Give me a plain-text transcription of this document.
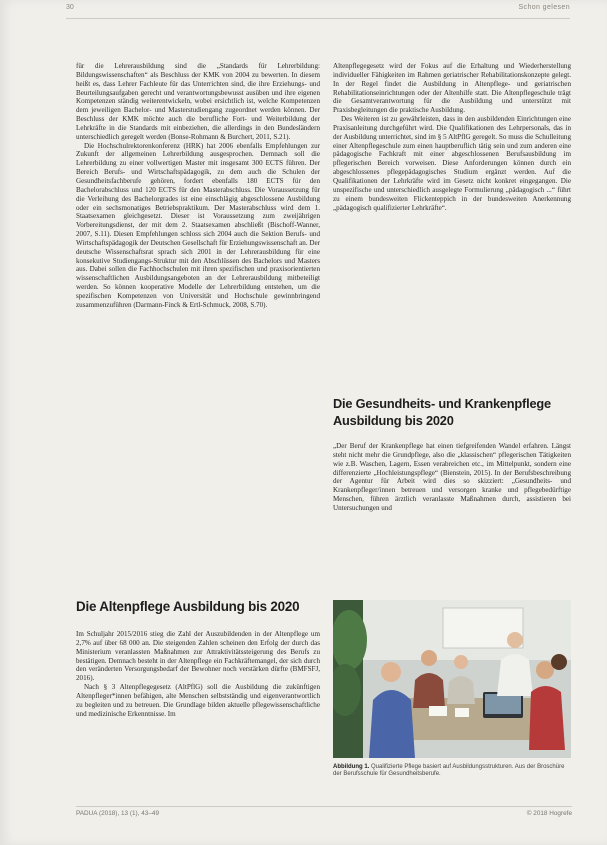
30	Schon gelesen

für die Lehrerausbildung sind die „Standards für Lehrerbildung: Bildungswissenschaften“ als Beschluss der KMK von 2004 zu bewerten. In diesem heißt es, dass Lehrer Fachleute für das Unterrichten sind, die ihre Erziehungs- und Beurteilungsaufgaben gerecht und verantwortungsbewusst ausüben und ihre eigenen Kompetenzen ständig weiterentwickeln, wobei ersichtlich ist, welche Kompetenzen dem jeweiligen Bachelor- und Masterstudiengang zugeordnet werden können. Der Beschluss der KMK möchte auch die berufliche Fort- und Weiterbildung der Lehrkräfte in die Standards mit einbeziehen, die allerdings in den Bundesländern unterschiedlich geregelt werden (Bonse-Rohmann & Burchert, 2011, S.21).

Die Hochschulrektorenkonferenz (HRK) hat 2006 ebenfalls Empfehlungen zur Zukunft der allgemeinen Lehrerbildung ausgesprochen. Demnach soll die Lehrerbildung zu einer vollwertigen Master mit insgesamt 300 ECTS führen. Der Bereich Berufs- und Wirtschaftspädagogik, zu dem auch die Schulen der Gesundheitsfachberufe gehören, fordert ebenfalls 180 ECTS für den Bachelorabschluss und 120 ECTS für den Masterabschluss. Die Voraussetzung für die Verleihung des Bachelorgrades ist eine einschlägig abgeschlossene Ausbildung oder ein sechsmonatiges Betriebspraktikum. Der Masterabschluss wird dem 1. Staatsexamen gleichgesetzt. Dieser ist Voraussetzung zum zweijährigen Vorbereitungsdienst, der mit dem 2. Staatsexamen abschließt (Bischoff-Wanner, 2007, S.11). Diesen Empfehlungen schloss sich 2004 auch die Sektion Berufs- und Wirtschaftspädagogik der Deutschen Gesellschaft für Erziehungswissenschaft an. Der deutsche Wissenschaftsrat sprach sich 2001 in der Lehrerausbildung für eine konsekutive Studiengangs-Struktur mit den Abschlüssen des Bachelors und Masters aus. Dabei sollen die Fachhochschulen mit ihren spezifischen und praxisorientierten wissenschaftlichen Ausbildungsangeboten an der Lehrerausbildung mitbeteiligt werden. So können kooperative Modelle der Lehrerbildung entstehen, um die spezifischen Kompetenzen von Universität und Hochschule gewinnbringend zusammenzuführen (Darmann-Finck & Ertl-Schmuck, 2008, S.70).

Altenpflegegesetz wird der Fokus auf die Erhaltung und Wiederherstellung individueller Fähigkeiten im Rahmen geriatrischer Rehabilitationskonzepte gelegt. In der Regel findet die Ausbildung in Altenpflege- und geriatrischen Rehabilitationseinrichtungen oder der Altenhilfe statt. Die Altenpflegeschule trägt die Gesamtverantwortung für die Ausbildung und unterstützt mit Praxisbegleitungen die praktische Ausbildung.

Des Weiteren ist zu gewährleisten, dass in den ausbildenden Einrichtungen eine Praxisanleitung durchgeführt wird. Die Qualifikationen des Lehrpersonals, das in der Ausbildung unterrichtet, sind im § 5 AltPflG geregelt. So muss die Schulleitung einer Altenpflegeschule zum einen hauptberuflich tätig sein und zum anderen eine pädagogische Fachkraft mit einer abgeschlossenen Berufsausbildung im pflegerischen Bereich vorweisen. Diese Anforderungen können durch ein abgeschlossenes pflegepädagogisches Studium ergänzt werden. Auf die Qualifikationen der Lehrkräfte wird im Gesetz nicht konkret eingegangen. Die unspezifische und unterschiedlich ausgelegte Formulierung „pädagogisch ...“ führt zu einem bundesweiten Flickenteppich in der bundesweiten Anerkennung „pädagogisch qualifizierter Lehrkräfte“.

Die Gesundheits- und Krankenpflege Ausbildung bis 2020

„Der Beruf der Krankenpflege hat einen tiefgreifenden Wandel erfahren. Längst steht nicht mehr die Grundpflege, also die „klassischen“ pflegerischen Tätigkeiten wie z.B. Waschen, Lagern, Essen verabreichen etc., im Mittelpunkt, sondern eine differenzierte „Hochleistungspflege“ (Bienstein, 2015). In der Berufsbeschreibung der Agentur für Arbeit wird dies so skizziert: „Gesundheits- und Krankenpfleger/innen betreuen und versorgen kranke und pflegebedürftige Menschen, führen ärztlich veranlasste Maßnahmen durch, assistieren bei Untersuchungen und

Die Altenpflege Ausbildung bis 2020

Im Schuljahr 2015/2016 stieg die Zahl der Auszubildenden in der Altenpflege um 2,7% auf über 68 000 an. Die steigenden Zahlen scheinen den Erfolg der durch das Ministerium veranlassten Maßnahmen zur Attraktivitätssteigerung des Berufs zu bestätigen. Demnach besteht in der Altenpflege ein Fachkräftemangel, der sich durch den veränderten Versorgungsbedarf der Bewohner noch verstärken dürfte (BMFSFJ, 2016).

Nach § 3 Altenpflegegesetz (AltPflG) soll die Ausbildung die zukünftigen Altenpfleger*innen befähigen, alte Menschen selbstständig und eigenverantwortlich zu begleiten und zu betreuen. Die Grundlage bilden aktuelle pflegewissenschaftliche und medizinische Erkenntnisse. Im

Abbildung 1. Qualifizierte Pflege basiert auf Ausbildungsstrukturen. Aus der Broschüre der Berufsschule für Gesundheitsberufe.
PADUA (2018), 13 (1), 43–49	© 2018 Hogrefe
